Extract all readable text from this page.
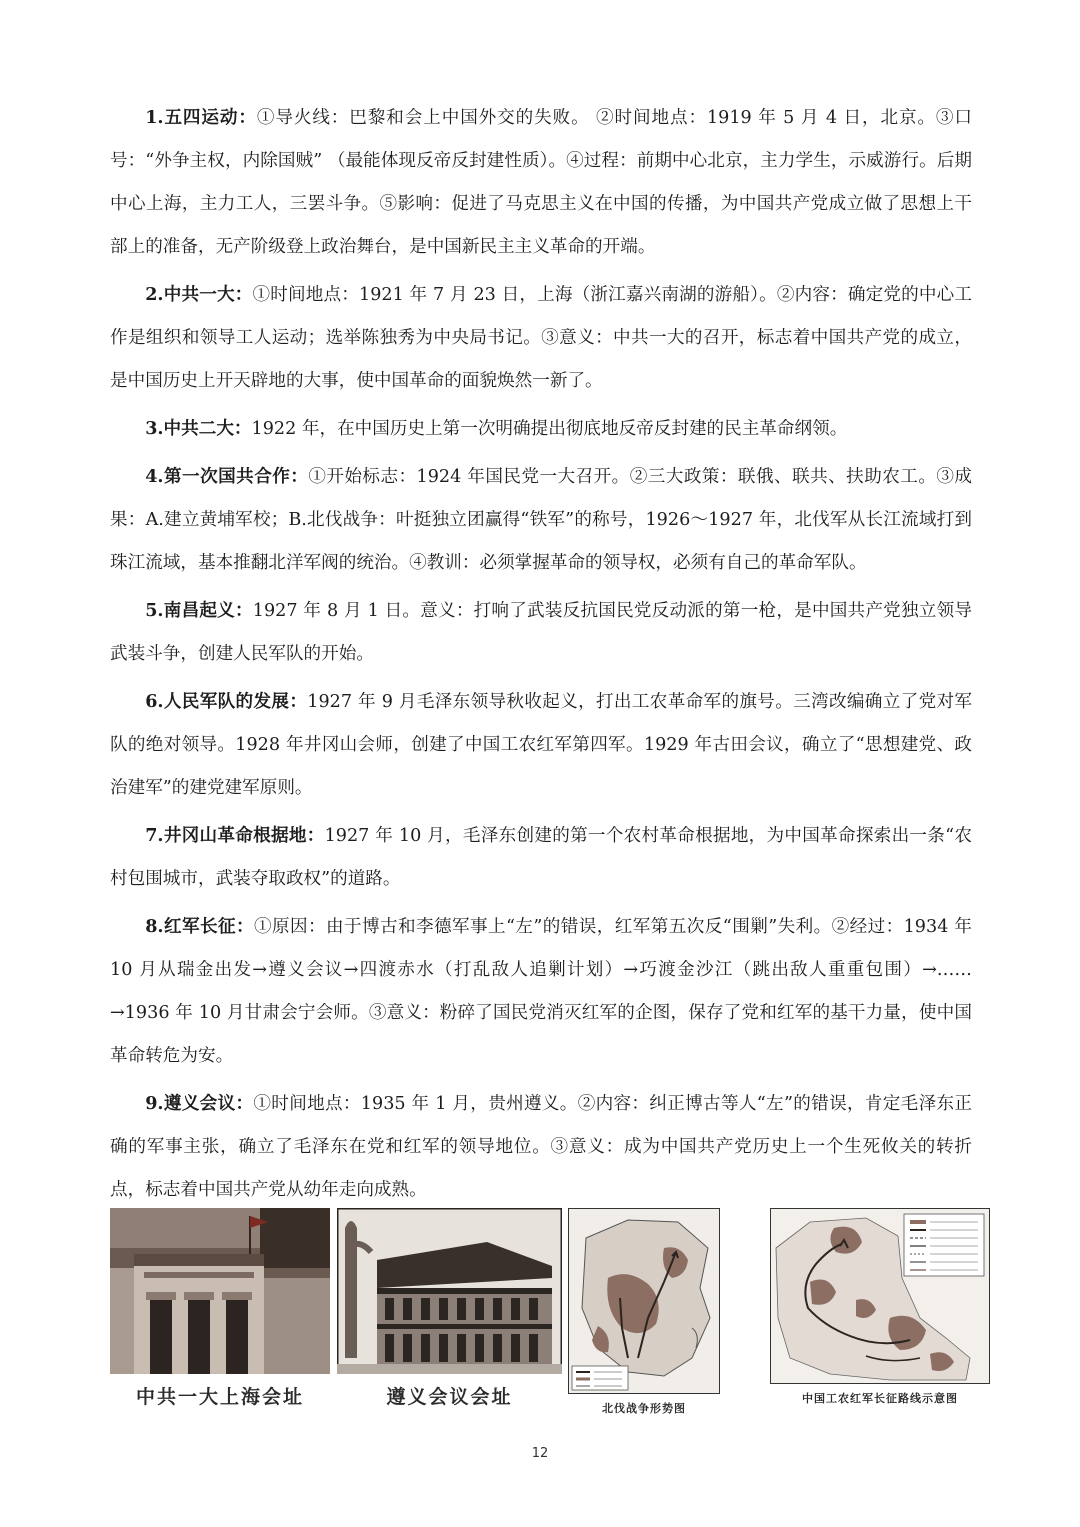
1.五四运动：①导火线：巴黎和会上中国外交的失败。 ②时间地点：1919 年 5 月 4 日，北京。③口号：“外争主权，内除国贼” （最能体现反帝反封建性质）。④过程：前期中心北京，主力学生，示威游行。后期中心上海，主力工人，三罢斗争。⑤影响：促进了马克思主义在中国的传播，为中国共产党成立做了思想上干部上的准备，无产阶级登上政治舞台，是中国新民主主义革命的开端。

2.中共一大：①时间地点：1921 年 7 月 23 日，上海（浙江嘉兴南湖的游船）。②内容：确定党的中心工作是组织和领导工人运动；选举陈独秀为中央局书记。③意义：中共一大的召开，标志着中国共产党的成立，是中国历史上开天辟地的大事，使中国革命的面貌焕然一新了。

3.中共二大：1922 年，在中国历史上第一次明确提出彻底地反帝反封建的民主革命纲领。

4.第一次国共合作：①开始标志：1924 年国民党一大召开。②三大政策：联俄、联共、扶助农工。③成果：A.建立黄埔军校；B.北伐战争：叶挺独立团赢得“铁军”的称号，1926～1927 年，北伐军从长江流域打到珠江流域，基本推翻北洋军阀的统治。④教训：必须掌握革命的领导权，必须有自己的革命军队。

5.南昌起义：1927 年 8 月 1 日。意义：打响了武装反抗国民党反动派的第一枪，是中国共产党独立领导武装斗争，创建人民军队的开始。

6.人民军队的发展：1927 年 9 月毛泽东领导秋收起义，打出工农革命军的旗号。三湾改编确立了党对军队的绝对领导。1928 年井冈山会师，创建了中国工农红军第四军。1929 年古田会议，确立了“思想建党、政治建军”的建党建军原则。

7.井冈山革命根据地：1927 年 10 月，毛泽东创建的第一个农村革命根据地，为中国革命探索出一条“农村包围城市，武装夺取政权”的道路。

8.红军长征：①原因：由于博古和李德军事上“左”的错误，红军第五次反“围剿”失利。②经过：1934 年 10 月从瑞金出发→遵义会议→四渡赤水（打乱敌人追剿计划）→巧渡金沙江（跳出敌人重重包围）→……→1936 年 10 月甘肃会宁会师。③意义：粉碎了国民党消灭红军的企图，保存了党和红军的基干力量，使中国革命转危为安。

9.遵义会议：①时间地点：1935 年 1 月，贵州遵义。②内容：纠正博古等人“左”的错误，肯定毛泽东正确的军事主张，确立了毛泽东在党和红军的领导地位。③意义：成为中国共产党历史上一个生死攸关的转折点，标志着中国共产党从幼年走向成熟。

中共一大上海会址	遵义会议会址
北伐战争形势图
中国工农红军长征路线示意图
12
